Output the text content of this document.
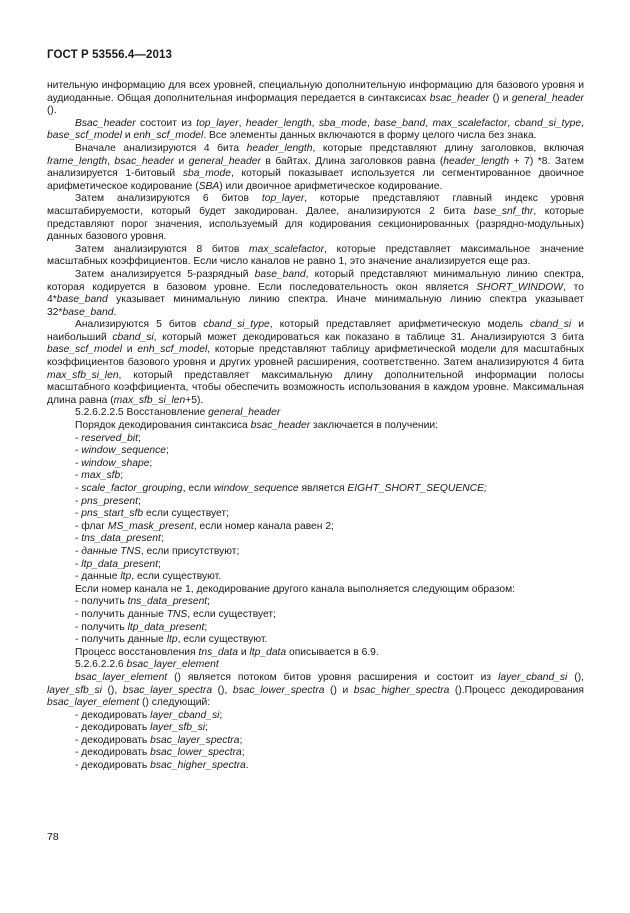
ГОСТ Р 53556.4—2013

нительную информацию для всех уровней, специальную дополнительную информацию для базового уровня и аудиоданные. Общая дополнительная информация передается в синтаксисах bsac_header () и general_header ().

Bsac_header состоит из top_layer, header_length, sba_mode, base_band, max_scalefactor, cband_si_type, base_scf_model и enh_scf_model. Все элементы данных включаются в форму целого числа без знака.

Вначале анализируются 4 бита header_length, которые представляют длину заголовков, включая frame_length, bsac_header и general_header в байтах. Длина заголовков равна (header_length + 7) *8. Затем анализируется 1-битовый sba_mode, который показывает используется ли сегментированное двоичное арифметическое кодирование (SBA) или двоичное арифметическое кодирование.

Затем анализируются 6 битов top_layer, которые представляют главный индекс уровня масштабируемости, который будет закодирован. Далее, анализируются 2 бита base_snf_thr, которые представляют порог значения, используемый для кодирования секционированных (разрядно-модульных) данных базового уровня.

Затем анализируются 8 битов max_scalefactor, которые представляет максимальное значение масштабных коэффициентов. Если число каналов не равно 1, это значение анализируется еще раз.

Затем анализируется 5-разрядный base_band, который представляют минимальную линию спектра, которая кодируется в базовом уровне. Если последовательность окон является SHORT_WINDOW, то 4*base_band указывает минимальную линию спектра. Иначе минимальную линию спектра указывает 32*base_band.

Анализируются 5 битов cband_si_type, который представляет арифметическую модель cband_si и наибольший cband_si, который может декодироваться как показано в таблице 31. Анализируются 3 бита base_scf_model и enh_scf_model, которые представляют таблицу арифметической модели для масштабных коэффициентов базового уровня и других уровней расширения, соответственно. Затем анализируются 4 бита max_sfb_si_len, который представляет максимальную длину дополнительной информации полосы масштабного коэффициента, чтобы обеспечить возможность использования в каждом уровне. Максимальная длина равна (max_sfb_si_len+5).

5.2.6.2.2.5 Восстановление general_header

Порядок декодирования синтаксиса bsac_header заключается в получении:

- reserved_bit;

- window_sequence;

- window_shape;

- max_sfb;

- scale_factor_grouping, если window_sequence является EIGHT_SHORT_SEQUENCE;

- pns_present;

- pns_start_sfb если существует;

- флаг MS_mask_present, если номер канала равен 2;

- tns_data_present;

- данные TNS, если присутствуют;

- ltp_data_present;

- данные ltp, если существуют.

Если номер канала не 1, декодирование другого канала выполняется следующим образом:

- получить tns_data_present;

- получить данные TNS, если существует;

- получить ltp_data_present;

- получить данные ltp, если существуют.

Процесс восстановления tns_data и ltp_data описывается в 6.9.

5.2.6.2.2.6 bsac_layer_element

bsac_layer_element () является потоком битов уровня расширения и состоит из layer_cband_si (), layer_sfb_si (), bsac_layer_spectra (), bsac_lower_spectra () и bsac_higher_spectra ().Процесс декодирования bsac_layer_element () следующий:

- декодировать layer_cband_si;

- декодировать layer_sfb_si;

- декодировать bsac_layer_spectra;

- декодировать bsac_lower_spectra;

- декодировать bsac_higher_spectra.

78
